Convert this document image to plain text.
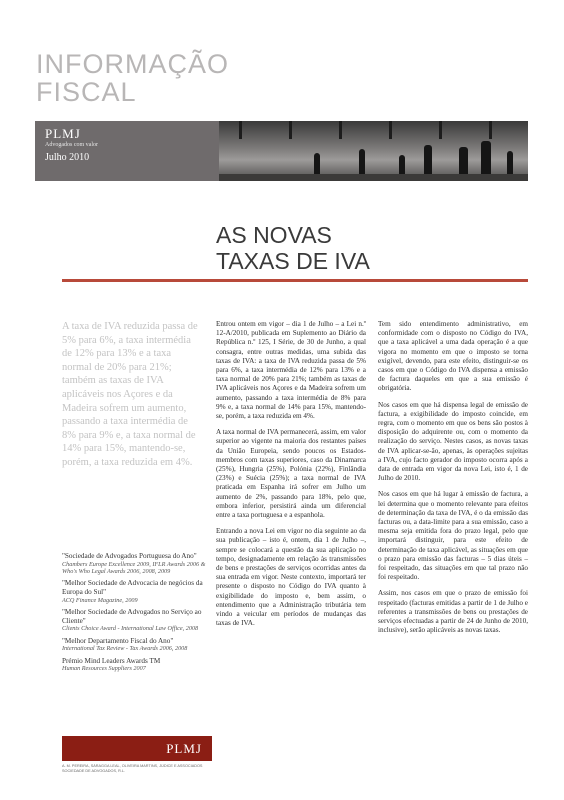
INFORMAÇÃO
FISCAL
PLMJ
Advogados com valor
Julho 2010
AS NOVAS
TAXAS DE IVA

A taxa de IVA reduzida passa de 5% para 6%, a taxa intermédia de 12% para 13% e a taxa normal de 20% para 21%; também as taxas de IVA aplicáveis nos Açores e da Madeira sofrem um aumento, passando a taxa intermédia de 8% para 9% e, a taxa normal de 14% para 15%, mantendo-se, porém, a taxa reduzida em 4%.

Entrou ontem em vigor – dia 1 de Julho – a Lei n.º 12-A/2010, publicada em Suplemento ao Diário da República n.º 125, I Série, de 30 de Junho, a qual consagra, entre outras medidas, uma subida das taxas de IVA: a taxa de IVA reduzida passa de 5% para 6%, a taxa intermédia de 12% para 13% e a taxa normal de 20% para 21%; também as taxas de IVA aplicáveis nos Açores e da Madeira sofrem um aumento, passando a taxa intermédia de 8% para 9% e, a taxa normal de 14% para 15%, mantendo-se, porém, a taxa reduzida em 4%.

A taxa normal de IVA permanecerá, assim, em valor superior ao vigente na maioria dos restantes países da União Europeia, sendo poucos os Estados-membros com taxas superiores, caso da Dinamarca (25%), Hungria (25%), Polónia (22%), Finlândia (23%) e Suécia (25%); a taxa normal de IVA praticada em Espanha irá sofrer em Julho um aumento de 2%, passando para 18%, pelo que, embora inferior, persistirá ainda um diferencial entre a taxa portuguesa e a espanhola.

Entrando a nova Lei em vigor no dia seguinte ao da sua publicação – isto é, ontem, dia 1 de Julho –, sempre se colocará a questão da sua aplicação no tempo, designadamente em relação às transmissões de bens e prestações de serviços ocorridas antes da sua entrada em vigor. Neste contexto, importará ter presente o disposto no Código do IVA quanto à exigibilidade do imposto e, bem assim, o entendimento que a Administração tributária tem vindo a veicular em períodos de mudanças das taxas de IVA.

Tem sido entendimento administrativo, em conformidade com o disposto no Código do IVA, que a taxa aplicável a uma dada operação é a que vigora no momento em que o imposto se torna exigível, devendo, para este efeito, distinguir-se os casos em que o Código do IVA dispensa a emissão de factura daqueles em que a sua emissão é obrigatória.

Nos casos em que há dispensa legal de emissão de factura, a exigibilidade do imposto coincide, em regra, com o momento em que os bens são postos à disposição do adquirente ou, com o momento da realização do serviço. Nestes casos, as novas taxas de IVA aplicar-se-ão, apenas, às operações sujeitas a IVA, cujo facto gerador do imposto ocorra após a data de entrada em vigor da nova Lei, isto é, 1 de Julho de 2010.

Nos casos em que há lugar à emissão de factura, a lei determina que o momento relevante para efeitos de determinação da taxa de IVA, é o da emissão das facturas ou, a data-limite para a sua emissão, caso a mesma seja emitida fora do prazo legal, pelo que importará distinguir, para este efeito de determinação de taxa aplicável, as situações em que o prazo para emissão das facturas – 5 dias úteis – foi respeitado, das situações em que tal prazo não foi respeitado.

Assim, nos casos em que o prazo de emissão foi respeitado (facturas emitidas a partir de 1 de Julho e referentes a transmissões de bens ou prestações de serviços efectuadas a partir de 24 de Junho de 2010, inclusive), serão aplicáveis as novas taxas.

"Sociedade de Advogados Portuguesa do Ano"
Chambers Europe Excellence 2009, IFLR Awards 2006 & Who's Who Legal Awards 2006, 2008, 2009
"Melhor Sociedade de Advocacia de negócios da Europa do Sul"
ACQ Finance Magazine, 2009
"Melhor Sociedade de Advogados no Serviço ao Cliente"
Clients Choice Award - International Law Office, 2008
"Melhor Departamento Fiscal do Ano"
International Tax Review - Tax Awards 2006, 2008
Prémio Mind Leaders Awards TM
Human Resources Suppliers 2007
PLMJ
A. M. PEREIRA, SÁRAGGA LEAL, OLIVEIRA MARTINS, JÚDICE E ASSOCIADOS
SOCIEDADE DE ADVOGADOS, R.L.
